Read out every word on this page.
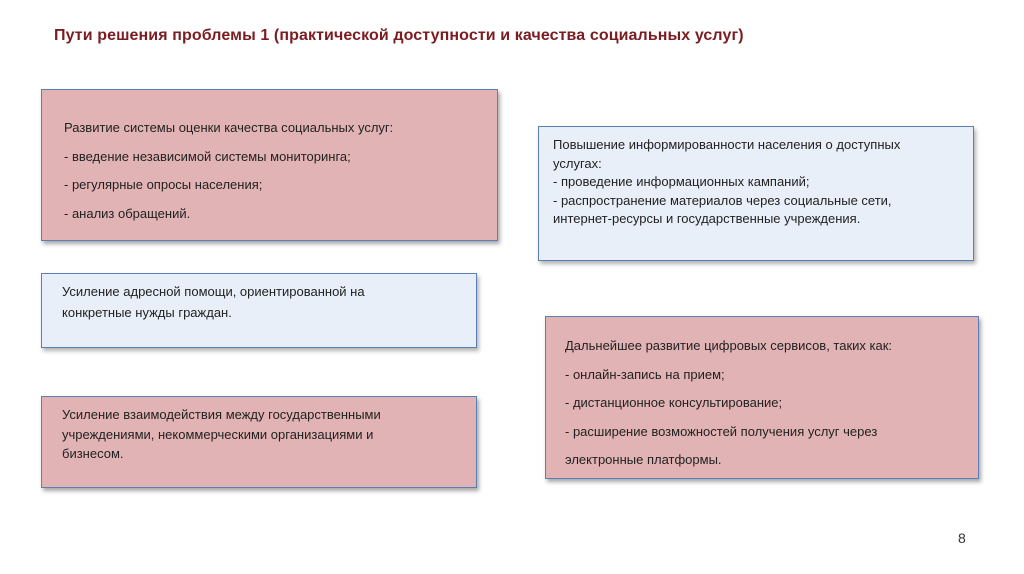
Пути решения проблемы 1 (практической доступности и качества социальных услуг)
Развитие системы оценки качества социальных услуг:
- введение независимой системы мониторинга;
- регулярные опросы населения;
- анализ обращений.
Повышение информированности населения о доступных
услугах:
- проведение информационных кампаний;
- распространение материалов через социальные сети,
интернет-ресурсы и государственные учреждения.
Усиление адресной помощи, ориентированной на
конкретные нужды граждан.
Дальнейшее развитие цифровых сервисов, таких как:
- онлайн-запись на прием;
- дистанционное консультирование;
- расширение возможностей получения услуг через
электронные платформы.
Усиление взаимодействия между государственными
учреждениями, некоммерческими организациями и
бизнесом.
8
